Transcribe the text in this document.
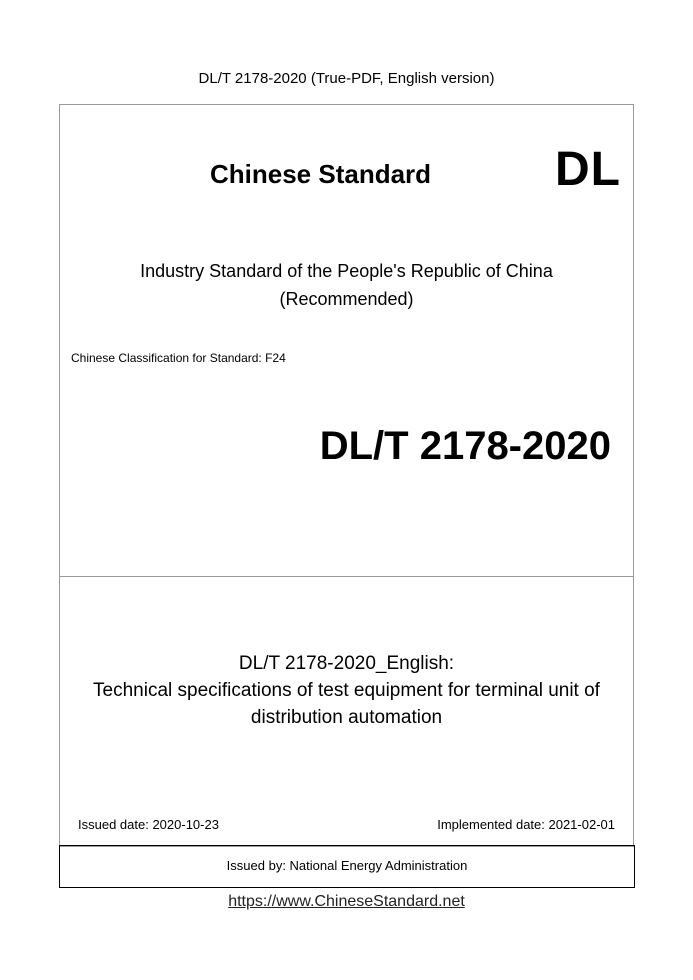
DL/T 2178-2020 (True-PDF, English version)
Chinese Standard	DL
Industry Standard of the People's Republic of China
(Recommended)
Chinese Classification for Standard: F24
DL/T 2178-2020
DL/T 2178-2020_English:
Technical specifications of test equipment for terminal unit of
distribution automation
Issued date: 2020-10-23	Implemented date: 2021-02-01
Issued by: National Energy Administration
https://www.ChineseStandard.net
